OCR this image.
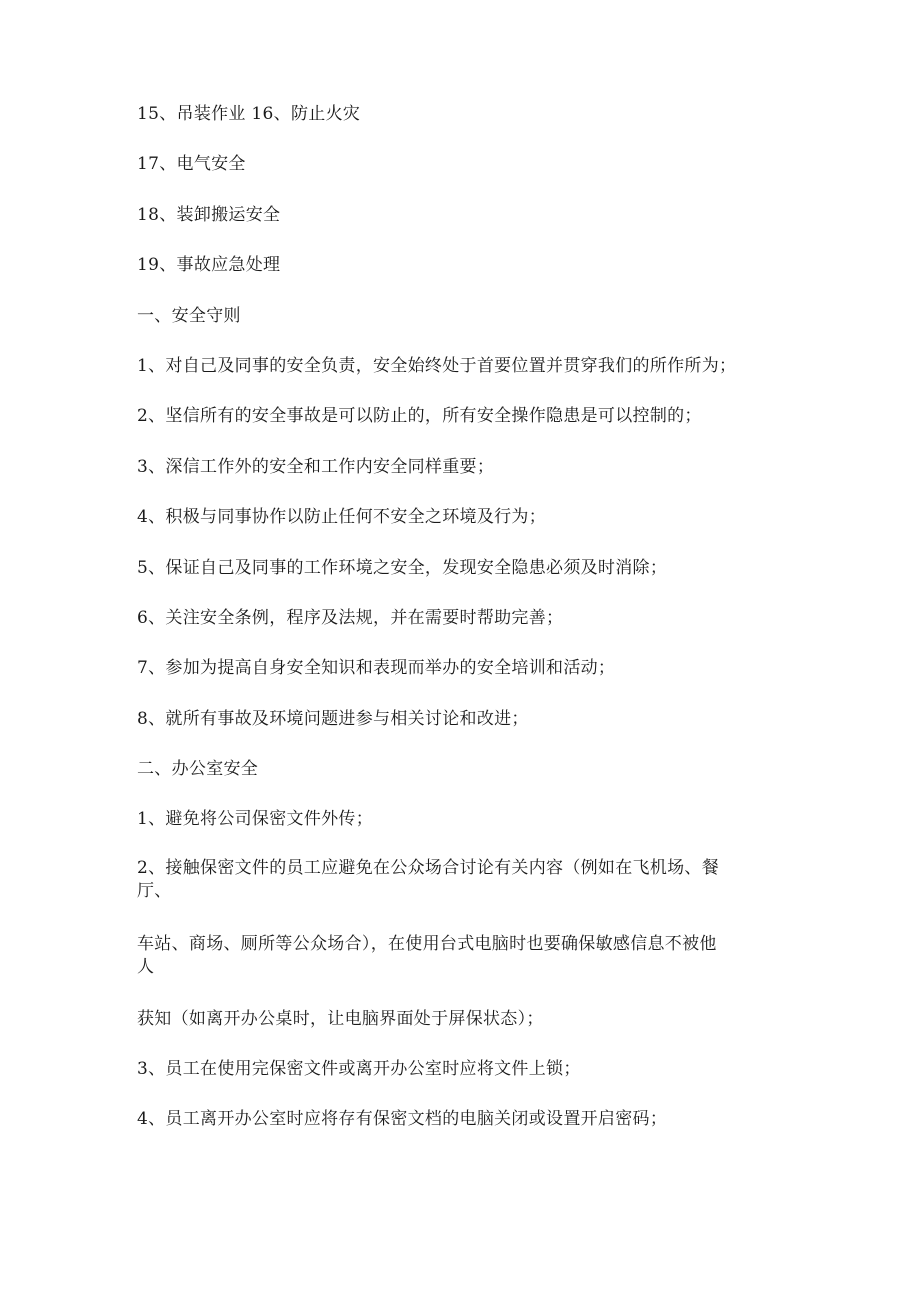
15、吊装作业 16、防止火灾
17、电气安全
18、装卸搬运安全
19、事故应急处理
一、安全守则
1、对自己及同事的安全负责，安全始终处于首要位置并贯穿我们的所作所为；
2、坚信所有的安全事故是可以防止的，所有安全操作隐患是可以控制的；
3、深信工作外的安全和工作内安全同样重要；
4、积极与同事协作以防止任何不安全之环境及行为；
5、保证自己及同事的工作环境之安全，发现安全隐患必须及时消除；
6、关注安全条例，程序及法规，并在需要时帮助完善；
7、参加为提高自身安全知识和表现而举办的安全培训和活动；
8、就所有事故及环境问题进参与相关讨论和改进；
二、办公室安全
1、避免将公司保密文件外传；
2、接触保密文件的员工应避免在公众场合讨论有关内容（例如在飞机场、餐
厅、
车站、商场、厕所等公众场合），在使用台式电脑时也要确保敏感信息不被他
人
获知（如离开办公桌时，让电脑界面处于屏保状态）；
3、员工在使用完保密文件或离开办公室时应将文件上锁；
4、员工离开办公室时应将存有保密文档的电脑关闭或设置开启密码；
